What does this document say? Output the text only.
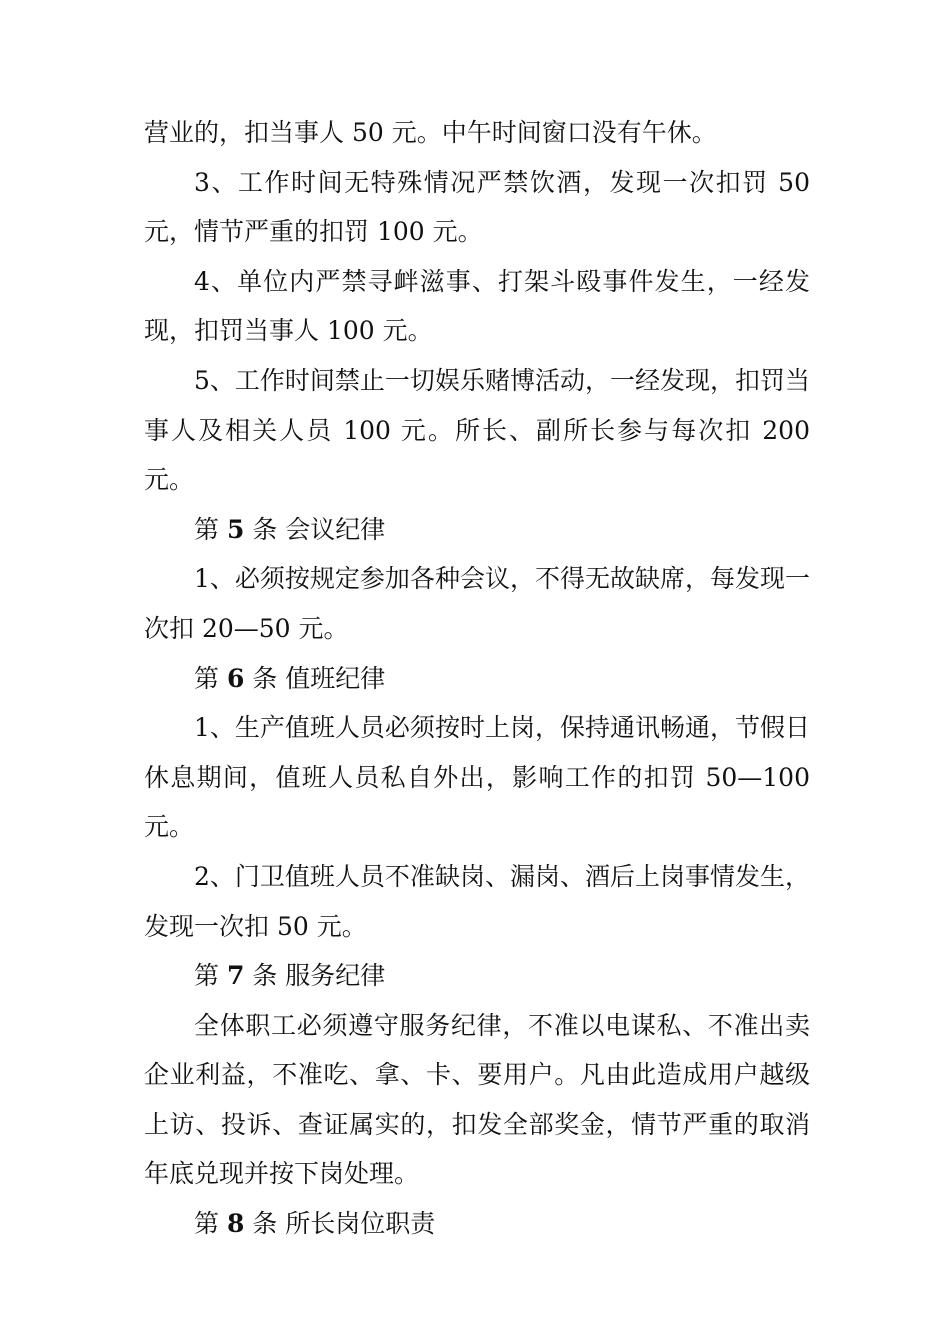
营业的，扣当事人 50 元。中午时间窗口没有午休。

3、工作时间无特殊情况严禁饮酒，发现一次扣罚 50 元，情节严重的扣罚 100 元。

4、单位内严禁寻衅滋事、打架斗殴事件发生，一经发现，扣罚当事人 100 元。

5、工作时间禁止一切娱乐赌博活动，一经发现，扣罚当事人及相关人员 100 元。所长、副所长参与每次扣 200 元。

第 5 条 会议纪律

1、必须按规定参加各种会议，不得无故缺席，每发现一次扣 20—50 元。

第 6 条 值班纪律

1、生产值班人员必须按时上岗，保持通讯畅通，节假日休息期间，值班人员私自外出，影响工作的扣罚 50—100 元。

2、门卫值班人员不准缺岗、漏岗、酒后上岗事情发生，发现一次扣 50 元。

第 7 条 服务纪律

全体职工必须遵守服务纪律，不准以电谋私、不准出卖企业利益，不准吃、拿、卡、要用户。凡由此造成用户越级上访、投诉、查证属实的，扣发全部奖金，情节严重的取消年底兑现并按下岗处理。

第 8 条 所长岗位职责
